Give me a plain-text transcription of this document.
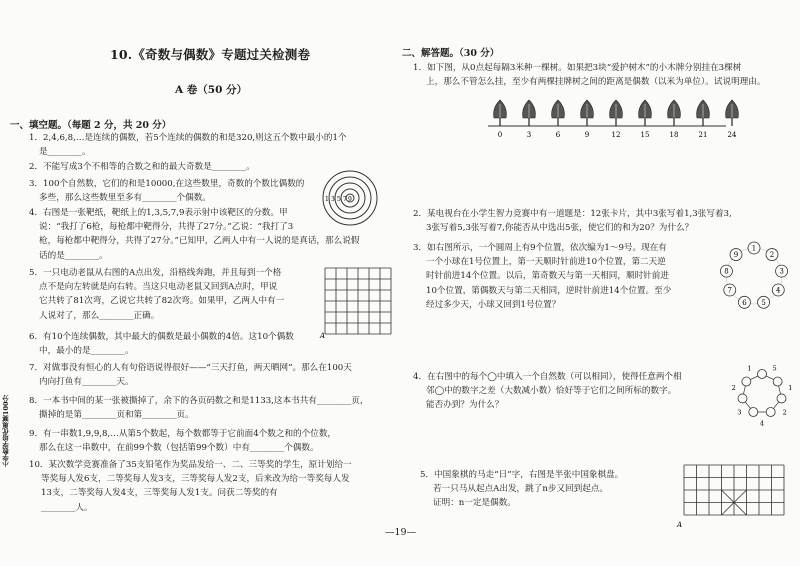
10.《奇数与偶数》专题过关检测卷
A 卷（50 分）
一、填空题。（每题 2 分，共 20 分）
1．2,4,6,8,…是连续的偶数，若5个连续的偶数的和是320,则这五个数中最小的1个
是________。
2．不能写成3个不相等的合数之和的最大奇数是________。
3．100个自然数，它们的和是10000,在这些数里，奇数的个数比偶数的
多些，那么这些数里至多有________个偶数。
4．右图是一张靶纸，靶纸上的1,3,5,7,9表示射中该靶区的分数。甲
说：“我打了6枪，每枪都中靶得分，共得了27分。”乙说：“我打了3
枪，每枪都中靶得分，共得了27分。”已知甲，乙两人中有一人说的是真话，那么说假
话的是________。
5．一只电动老鼠从右图的A点出发，沿格线奔跑，并且每到一个格
点不是向左转就是向右转。当这只电动老鼠又回到A点时，甲说
它共转了81次弯，乙说它共转了82次弯。如果甲，乙两人中有一
人说对了，那么________正确。
6．有10个连续偶数，其中最大的偶数是最小偶数的4倍。这10个偶数
中，最小的是________。
7．对做事没有恒心的人有句俗语说得很好——“三天打鱼，两天晒网”。那么在100天
内向打鱼有________天。
8．一本书中间的某一张被撕掉了，余下的各页码数之和是1133,这本书共有________页，
撕掉的是第________页和第________页。
9．有一串数1,9,9,8,…从第5个数起，每个数都等于它前面4个数之和的个位数，
那么在这一串数中，在前99个数（包括第99个数）中有________个偶数。
10．某次数学竞赛准备了35支铅笔作为奖品发给一、二、三等奖的学生，原计划给一
等奖每人发6支，二等奖每人发3支，三等奖每人发2支，后来改为给一等奖每人发
13支，二等奖每人发4支，三等奖每人发1支。问获二等奖的有
________人。
1 3 5 7 9
A
小学数学培优奥赛100分
二、解答题。（30 分）
1．如下图，从0点起每隔3米种一棵树。如果把3块“爱护树木”的小木牌分别挂在3棵树
上，那么不管怎么挂，至少有两棵挂牌树之间的距离是偶数（以米为单位）。试说明理由。
0	3	6	9	12	15	18	21	24
2．某电视台在小学生智力竞赛中有一道题是：12张卡片，其中3张写着1,3张写着3,
3张写着5,3张写着7,你能否从中选出5张，使它们的和为20？为什么？
3．如右图所示，一个圆周上有9个位置，依次编为1～9号。现在有
一个小球在1号位置上，第一天顺时针前进10个位置，第二天逆
时针前进14个位置。以后，第奇数天与第一天相同，顺时针前进
10个位置，第偶数天与第二天相同，逆时针前进14个位置。至少
经过多少天，小球又回到1号位置？
1
2
3
4
5
6
7
8
9
4．在右图中的每个◯中填入一个自然数（可以相同），使得任意两个相
邻◯中的数字之差（大数减小数）恰好等于它们之间所标的数字。
能否办到？为什么？
5
1
2
4
3
2
1
5．中国象棋的马走“日”字，右图是半张中国象棋盘。
若一只马从起点A出发，跳了n步又回到起点。
证明：n一定是偶数。
A
—19—
